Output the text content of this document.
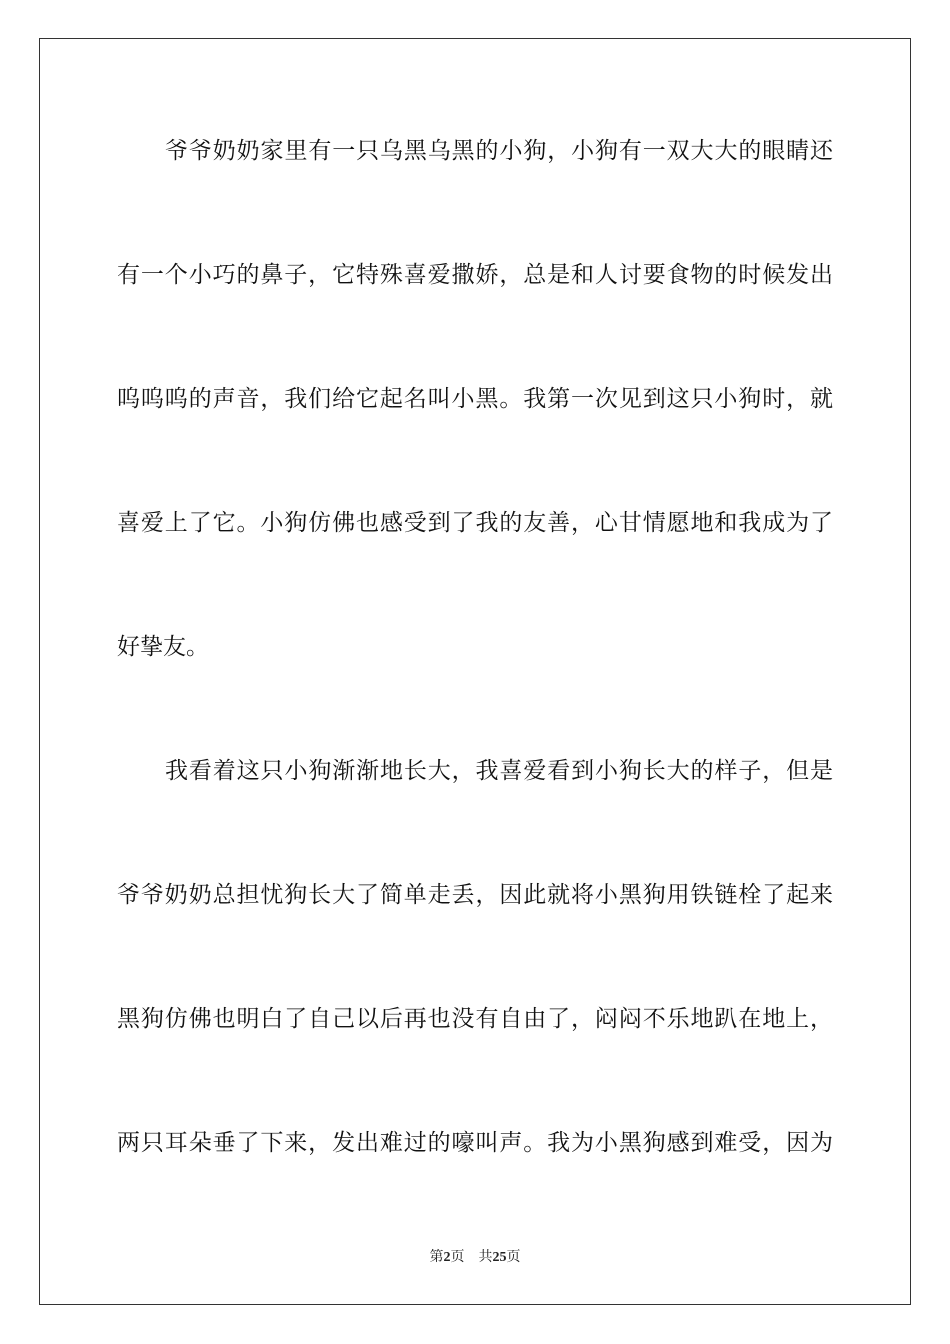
爷爷奶奶家里有一只乌黑乌黑的小狗，小狗有一双大大的眼睛还
有一个小巧的鼻子，它特殊喜爱撒娇，总是和人讨要食物的时候发出
呜呜呜的声音，我们给它起名叫小黑。我第一次见到这只小狗时，就
喜爱上了它。小狗仿佛也感受到了我的友善，心甘情愿地和我成为了
好挚友。
我看着这只小狗渐渐地长大，我喜爱看到小狗长大的样子，但是
爷爷奶奶总担忧狗长大了简单走丢，因此就将小黑狗用铁链栓了起来
黑狗仿佛也明白了自己以后再也没有自由了，闷闷不乐地趴在地上，
两只耳朵垂了下来，发出难过的嚎叫声。我为小黑狗感到难受，因为
第2页 共25页
